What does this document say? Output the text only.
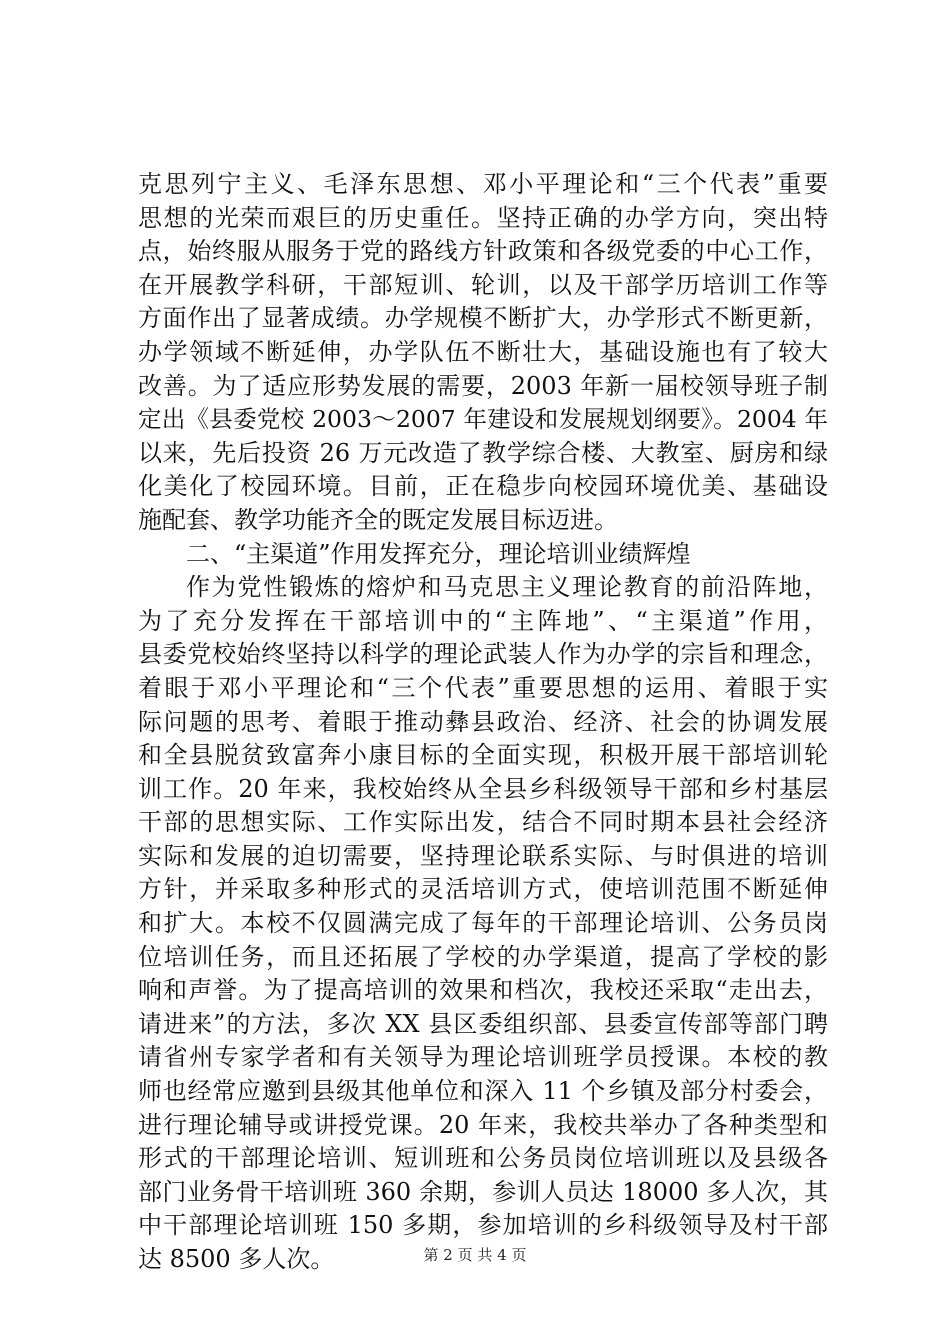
克思列宁主义、毛泽东思想、邓小平理论和“三个代表”重要
思想的光荣而艰巨的历史重任。坚持正确的办学方向，突出特
点，始终服从服务于党的路线方针政策和各级党委的中心工作，
在开展教学科研，干部短训、轮训，以及干部学历培训工作等
方面作出了显著成绩。办学规模不断扩大，办学形式不断更新，
办学领域不断延伸，办学队伍不断壮大，基础设施也有了较大
改善。为了适应形势发展的需要，2003 年新一届校领导班子制
定出《县委党校 2003～2007 年建设和发展规划纲要》。2004 年
以来，先后投资 26 万元改造了教学综合楼、大教室、厨房和绿
化美化了校园环境。目前，正在稳步向校园环境优美、基础设
施配套、教学功能齐全的既定发展目标迈进。
二、“主渠道”作用发挥充分，理论培训业绩辉煌
作为党性锻炼的熔炉和马克思主义理论教育的前沿阵地，
为了充分发挥在干部培训中的“主阵地”、“主渠道”作用，
县委党校始终坚持以科学的理论武装人作为办学的宗旨和理念，
着眼于邓小平理论和“三个代表”重要思想的运用、着眼于实
际问题的思考、着眼于推动彝县政治、经济、社会的协调发展
和全县脱贫致富奔小康目标的全面实现，积极开展干部培训轮
训工作。20 年来，我校始终从全县乡科级领导干部和乡村基层
干部的思想实际、工作实际出发，结合不同时期本县社会经济
实际和发展的迫切需要，坚持理论联系实际、与时俱进的培训
方针，并采取多种形式的灵活培训方式，使培训范围不断延伸
和扩大。本校不仅圆满完成了每年的干部理论培训、公务员岗
位培训任务，而且还拓展了学校的办学渠道，提高了学校的影
响和声誉。为了提高培训的效果和档次，我校还采取“走出去，
请进来”的方法，多次 XX 县区委组织部、县委宣传部等部门聘
请省州专家学者和有关领导为理论培训班学员授课。本校的教
师也经常应邀到县级其他单位和深入 11 个乡镇及部分村委会，
进行理论辅导或讲授党课。20 年来，我校共举办了各种类型和
形式的干部理论培训、短训班和公务员岗位培训班以及县级各
部门业务骨干培训班 360 余期，参训人员达 18000 多人次，其
中干部理论培训班 150 多期，参加培训的乡科级领导及村干部
达 8500 多人次。	第 2 页 共 4 页
